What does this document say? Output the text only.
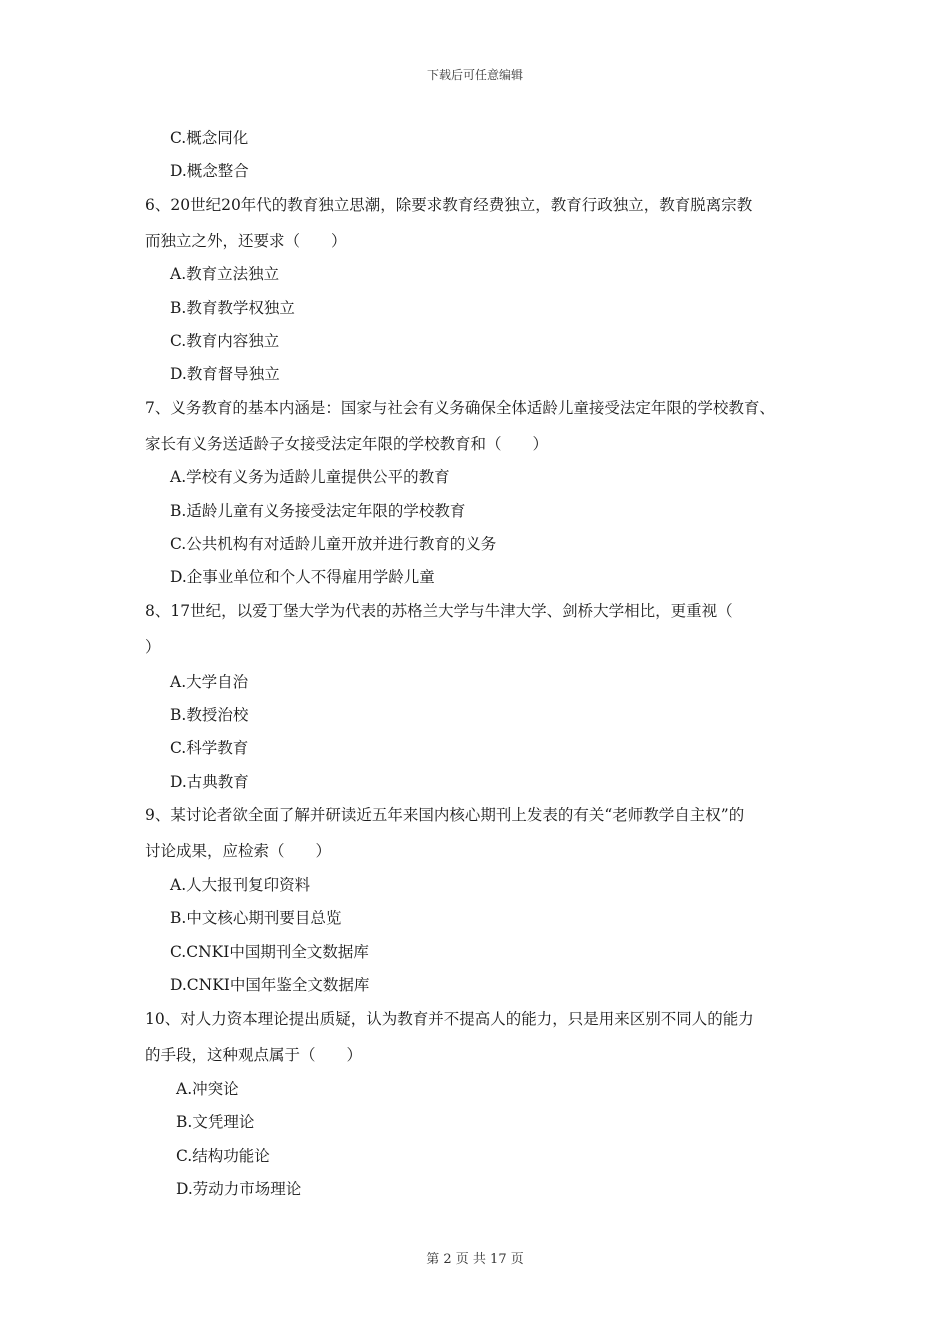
下载后可任意编辑
C.概念同化
D.概念整合
6、20世纪20年代的教育独立思潮，除要求教育经费独立，教育行政独立，教育脱离宗教
而独立之外，还要求（　　）
A.教育立法独立
B.教育教学权独立
C.教育内容独立
D.教育督导独立
7、义务教育的基本内涵是：国家与社会有义务确保全体适龄儿童接受法定年限的学校教育、
家长有义务送适龄子女接受法定年限的学校教育和（　　）
A.学校有义务为适龄儿童提供公平的教育
B.适龄儿童有义务接受法定年限的学校教育
C.公共机构有对适龄儿童开放并进行教育的义务
D.企事业单位和个人不得雇用学龄儿童
8、17世纪，以爱丁堡大学为代表的苏格兰大学与牛津大学、剑桥大学相比，更重视（
）
A.大学自治
B.教授治校
C.科学教育
D.古典教育
9、某讨论者欲全面了解并研读近五年来国内核心期刊上发表的有关“老师教学自主权”的
讨论成果，应检索（　　）
A.人大报刊复印资料
B.中文核心期刊要目总览
C.CNKI中国期刊全文数据库
D.CNKI中国年鉴全文数据库
10、对人力资本理论提出质疑，认为教育并不提高人的能力，只是用来区别不同人的能力
的手段，这种观点属于（　　）
A.冲突论
B.文凭理论
C.结构功能论
D.劳动力市场理论
第 2 页 共 17 页
